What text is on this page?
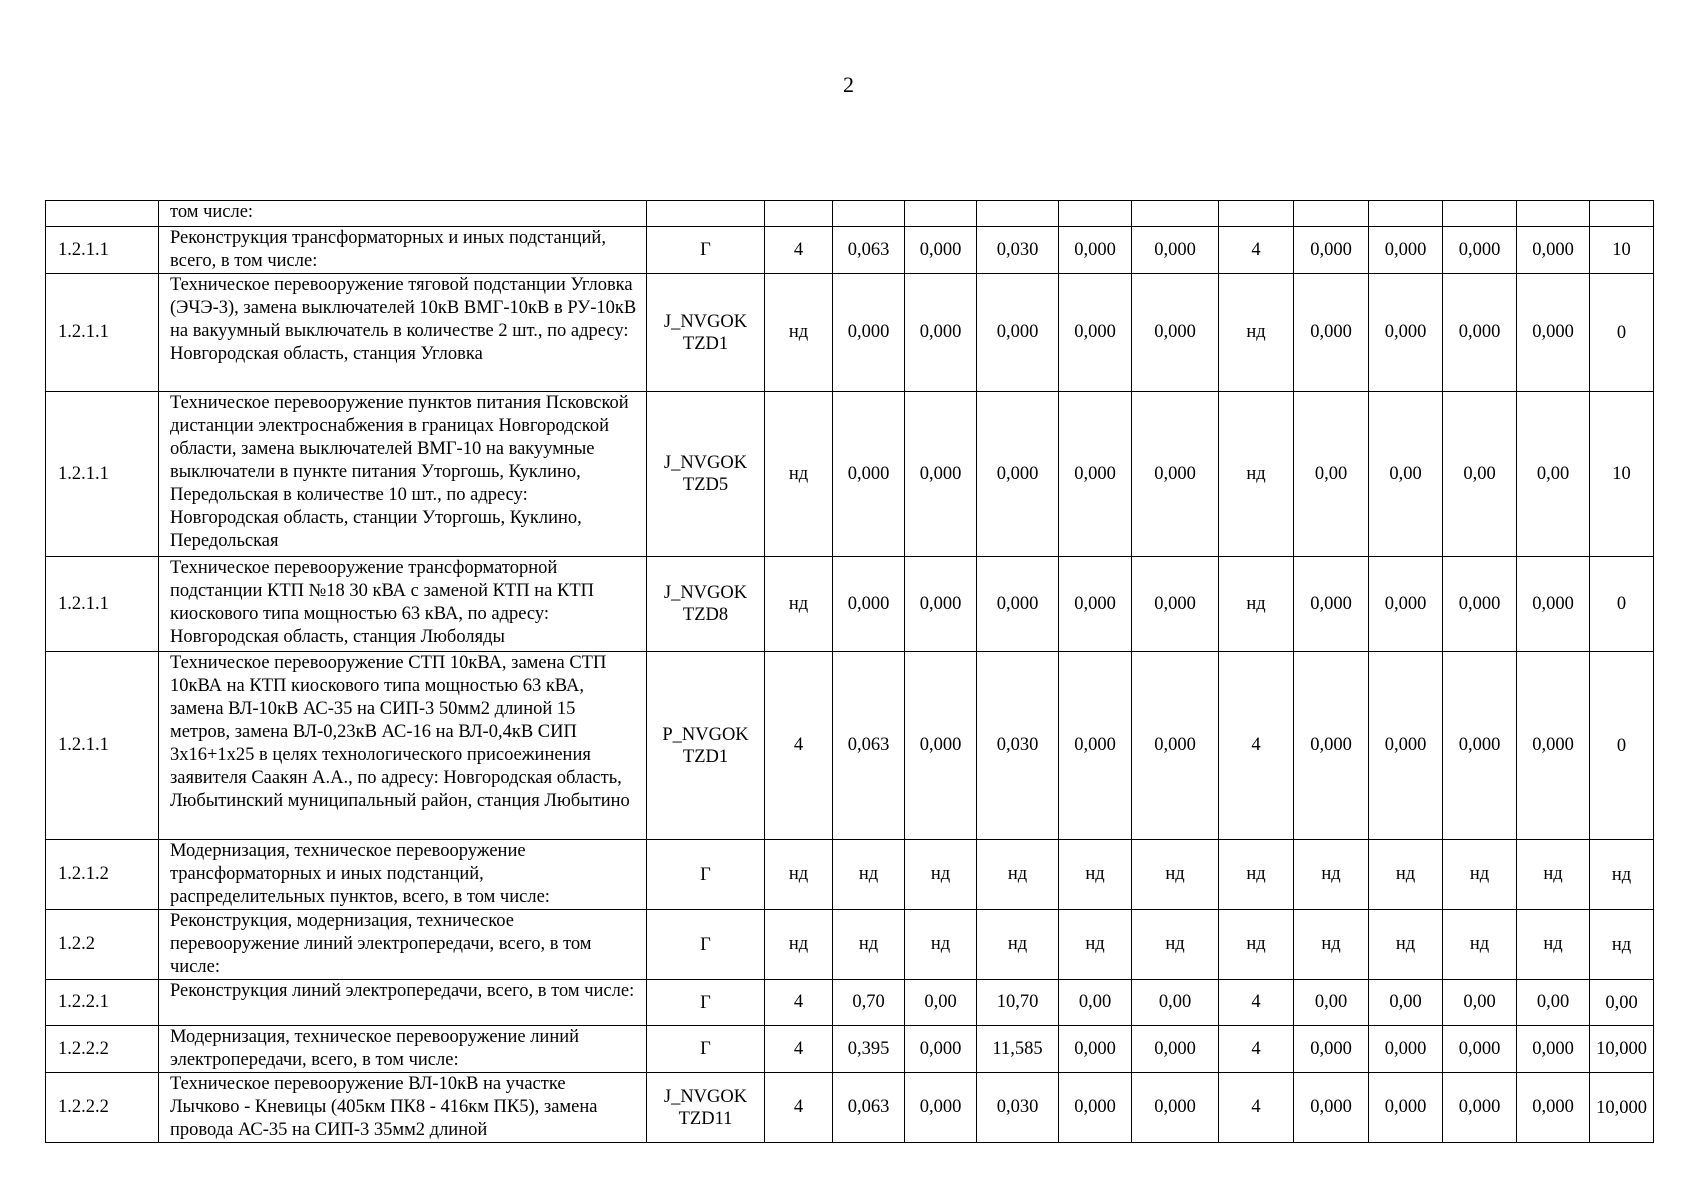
2
	том числе:													
1.2.1.1	Реконструкция трансформаторных и иных подстанций, всего, в том числе:	Г	4	0,063	0,000	0,030	0,000	0,000	4	0,000	0,000	0,000	0,000	10
1.2.1.1	Техническое перевооружение тяговой подстанции Угловка (ЭЧЭ-3), замена выключателей 10кВ ВМГ-10кВ в РУ-10кВ на вакуумный выключатель в количестве 2 шт., по адресу: Новгородская область, станция Угловка	J_NVGOK TZD1	нд	0,000	0,000	0,000	0,000	0,000	нд	0,000	0,000	0,000	0,000	0
1.2.1.1	Техническое перевооружение пунктов питания Псковской дистанции электроснабжения в границах Новгородской области, замена выключателей ВМГ-10 на вакуумные выключатели в пункте питания Уторгошь, Куклино, Передольская в количестве 10 шт., по адресу: Новгородская область, станции Уторгошь, Куклино, Передольская	J_NVGOK TZD5	нд	0,000	0,000	0,000	0,000	0,000	нд	0,00	0,00	0,00	0,00	10
1.2.1.1	Техническое перевооружение трансформаторной подстанции КТП №18 30 кВА с заменой КТП на КТП киоскового типа мощностью 63 кВА, по адресу: Новгородская область, станция Люболяды	J_NVGOK TZD8	нд	0,000	0,000	0,000	0,000	0,000	нд	0,000	0,000	0,000	0,000	0
1.2.1.1	Техническое перевооружение СТП 10кВА, замена СТП 10кВА на КТП киоскового типа мощностью 63 кВА, замена ВЛ-10кВ АС-35 на СИП-3 50мм2 длиной 15 метров, замена ВЛ-0,23кВ АС-16 на ВЛ-0,4кВ СИП 3х16+1х25 в целях технологического присоежинения заявителя Саакян А.А., по адресу: Новгородская область, Любытинский муниципальный район, станция Любытино	P_NVGOK TZD1	4	0,063	0,000	0,030	0,000	0,000	4	0,000	0,000	0,000	0,000	0
1.2.1.2	Модернизация, техническое перевооружение трансформаторных и иных подстанций, распределительных пунктов, всего, в том числе:	Г	нд	нд	нд	нд	нд	нд	нд	нд	нд	нд	нд	нд
1.2.2	Реконструкция, модернизация, техническое перевооружение линий электропередачи, всего, в том числе:	Г	нд	нд	нд	нд	нд	нд	нд	нд	нд	нд	нд	нд
1.2.2.1	Реконструкция линий электропередачи, всего, в том числе:	Г	4	0,70	0,00	10,70	0,00	0,00	4	0,00	0,00	0,00	0,00	0,00
1.2.2.2	Модернизация, техническое перевооружение линий электропередачи, всего, в том числе:	Г	4	0,395	0,000	11,585	0,000	0,000	4	0,000	0,000	0,000	0,000	10,000
1.2.2.2	Техническое перевооружение ВЛ-10кВ на участке Лычково - Кневицы (405км ПК8 - 416км ПК5), замена провода АС-35 на СИП-3 35мм2 длиной	J_NVGOK TZD11	4	0,063	0,000	0,030	0,000	0,000	4	0,000	0,000	0,000	0,000	10,000
